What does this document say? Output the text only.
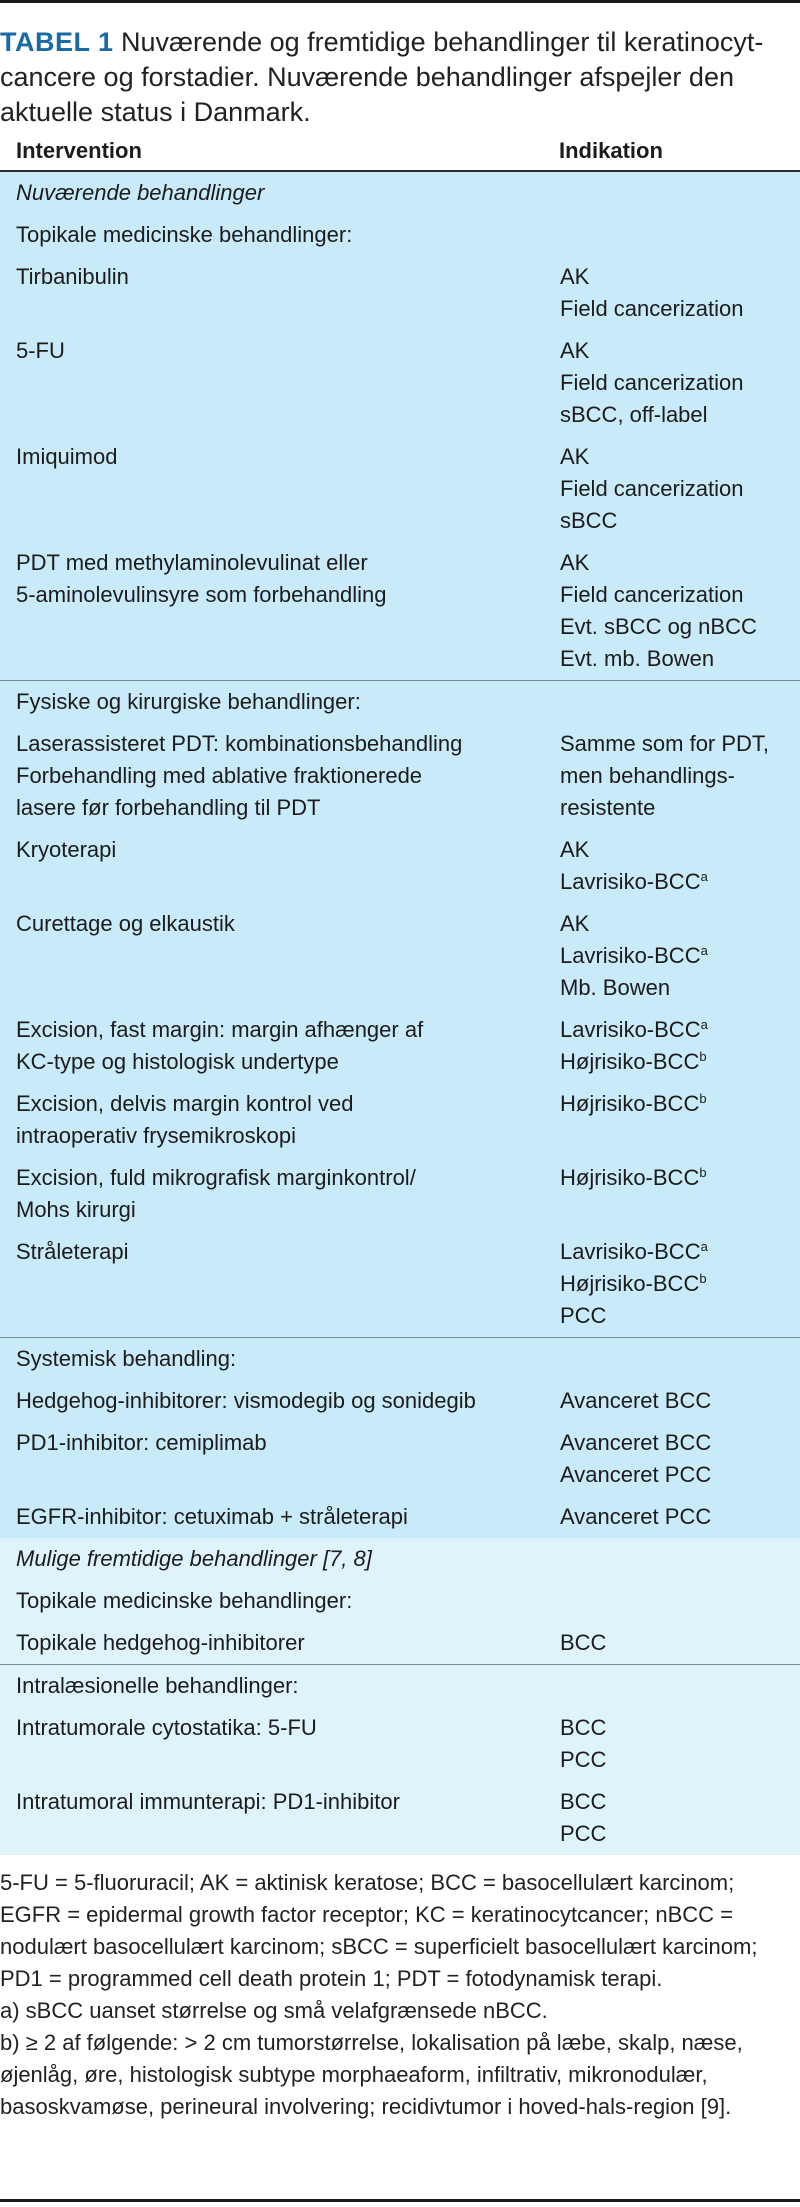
TABEL 1 Nuværende og fremtidige behandlinger til keratinocytcancere og forstadier. Nuværende behandlinger afspejler den aktuelle status i Danmark.
Intervention	Indikation
Nuværende behandlinger	
Topikale medicinske behandlinger:	

Tirbanibulin	AK
Field cancerization

5-FU	AK
Field cancerization
sBCC, off-label

Imiquimod	AK
Field cancerization
sBCC

PDT med methylaminolevulinat eller
5-aminolevulinsyre som forbehandling	AK
Field cancerization
Evt. sBCC og nBCC
Evt. mb. Bowen

Fysiske og kirurgiske behandlinger:	

Laserassisteret PDT: kombinationsbehandling
Forbehandling med ablative fraktionerede
lasere før forbehandling til PDT	Samme som for PDT,
men behandlings-
resistente

Kryoterapi	AK
Lavrisiko-BCC$^a$

Curettage og elkaustik	AK
Lavrisiko-BCC$^a$
Mb. Bowen

Excision, fast margin: margin afhænger af
KC-type og histologisk undertype	Lavrisiko-BCC$^a$
Højrisiko-BCC$^b$

Excision, delvis margin kontrol ved
intraoperativ frysemikroskopi	Højrisiko-BCC$^b$

Excision, fuld mikrografisk marginkontrol/
Mohs kirurgi	Højrisiko-BCC$^b$

Stråleterapi	Lavrisiko-BCC$^a$
Højrisiko-BCC$^b$
PCC

Systemisk behandling:	

Hedgehog-inhibitorer: vismodegib og sonidegib	Avanceret BCC

PD1-inhibitor: cemiplimab	Avanceret BCC
Avanceret PCC

EGFR-inhibitor: cetuximab + stråleterapi	Avanceret PCC

Mulige fremtidige behandlinger [7, 8]	
Topikale medicinske behandlinger:	

Topikale hedgehog-inhibitorer	BCC

Intralæsionelle behandlinger:	

Intratumorale cytostatika: 5-FU	BCC
PCC

Intratumoral immunterapi: PD1-inhibitor	BCC
PCC
5-FU = 5-fluoruracil; AK = aktinisk keratose; BCC = basocellulært karcinom; EGFR = epidermal growth factor receptor; KC = keratinocytcancer; nBCC = nodulært basocellulært karcinom; sBCC = superficielt basocellulært karcinom; PD1 = programmed cell death protein 1; PDT = fotodynamisk terapi.
a) sBCC uanset størrelse og små velafgrænsede nBCC.
b) ≥ 2 af følgende: > 2 cm tumorstørrelse, lokalisation på læbe, skalp, næse, øjenlåg, øre, histologisk subtype morphaeaform, infiltrativ, mikronodulær, basoskvamøse, perineural involvering; recidivtumor i hoved-hals-region [9].
